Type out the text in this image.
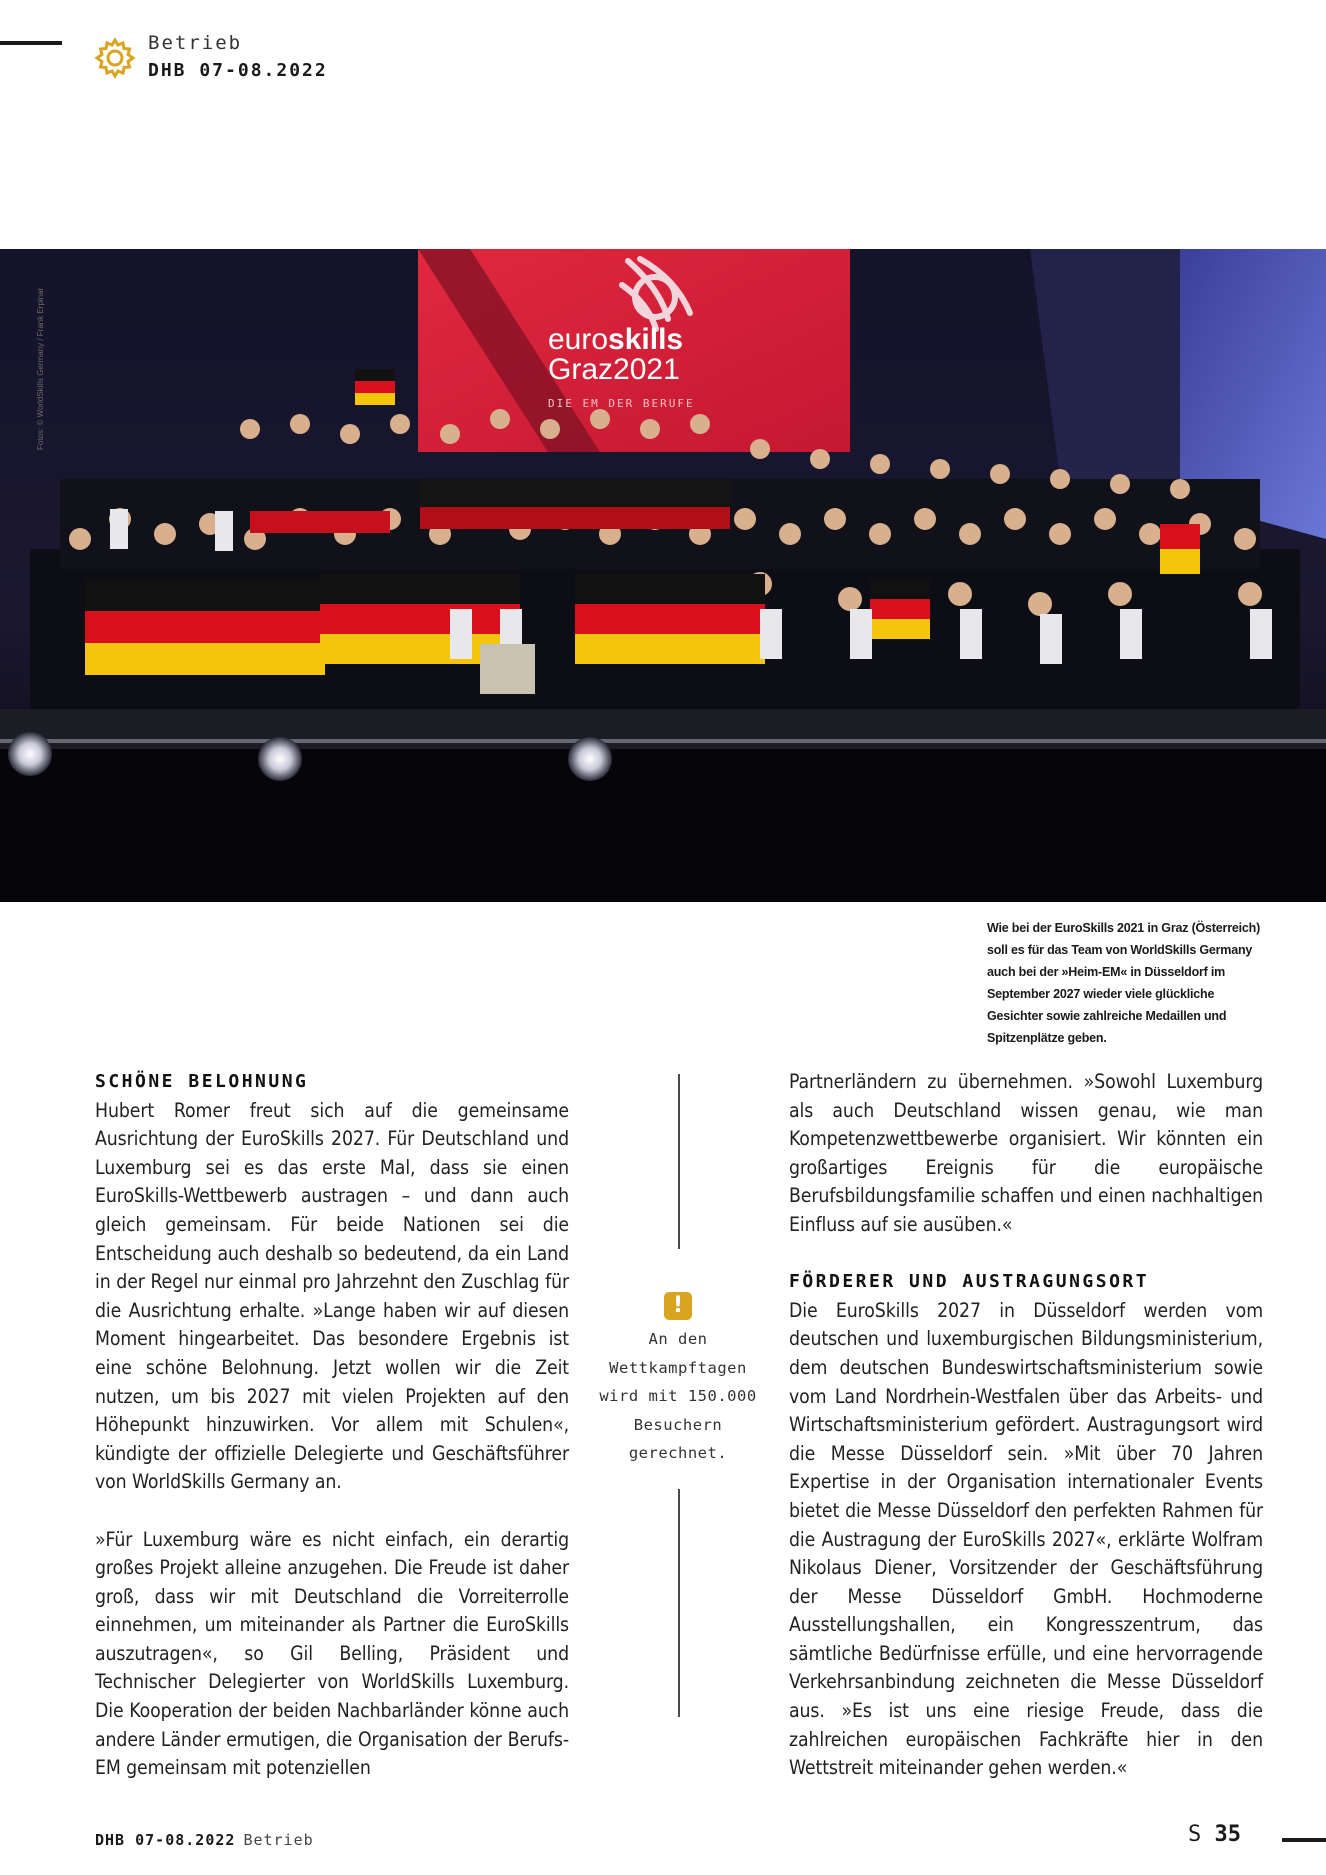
Betrieb
DHB 07-08.2022
euroskills
Graz2021
DIE EM DER BERUFE
Wie bei der EuroSkills 2021 in Graz (Österreich) soll es für das Team von WorldSkills Germany auch bei der »Heim-EM« in Düsseldorf im September 2027 wieder viele glückliche Gesichter sowie zahlreiche Medaillen und Spitzenplätze geben.
SCHÖNE BELOHNUNG

Hubert Romer freut sich auf die gemeinsame Ausrichtung der EuroSkills 2027. Für Deutschland und Luxemburg sei es das erste Mal, dass sie einen EuroSkills-Wettbewerb austragen – und dann auch gleich gemeinsam. Für beide Nationen sei die Entscheidung auch deshalb so bedeutend, da ein Land in der Regel nur einmal pro Jahrzehnt den Zuschlag für die Ausrichtung erhalte. »Lange haben wir auf diesen Moment hingearbeitet. Das besondere Ergebnis ist eine schöne Belohnung. Jetzt wollen wir die Zeit nutzen, um bis 2027 mit vielen Projekten auf den Höhepunkt hinzuwirken. Vor allem mit Schulen«, kündigte der offizielle Delegierte und Geschäftsführer von WorldSkills Germany an.

»Für Luxemburg wäre es nicht einfach, ein derartig großes Projekt alleine anzugehen. Die Freude ist daher groß, dass wir mit Deutschland die Vorreiterrolle einnehmen, um miteinander als Partner die EuroSkills auszutragen«, so Gil Belling, Präsident und Technischer Delegierter von WorldSkills Luxemburg. Die Kooperation der beiden Nachbarländer könne auch andere Länder ermutigen, die Organisation der Berufs-EM gemeinsam mit potenziellen

!
An den Wettkampftagen wird mit 150.000 Besuchern gerechnet.

Partnerländern zu übernehmen. »Sowohl Luxemburg als auch Deutschland wissen genau, wie man Kompetenzwettbewerbe organisiert. Wir könnten ein großartiges Ereignis für die europäische Berufsbildungsfamilie schaffen und einen nachhaltigen Einfluss auf sie ausüben.«

FÖRDERER UND AUSTRAGUNGSORT

Die EuroSkills 2027 in Düsseldorf werden vom deutschen und luxemburgischen Bildungsministerium, dem deutschen Bundeswirtschaftsministerium sowie vom Land Nordrhein-Westfalen über das Arbeits- und Wirtschaftsministerium gefördert. Austragungsort wird die Messe Düsseldorf sein. »Mit über 70 Jahren Expertise in der Organisation internationaler Events bietet die Messe Düsseldorf den perfekten Rahmen für die Austragung der EuroSkills 2027«, erklärte Wolfram Nikolaus Diener, Vorsitzender der Geschäftsführung der Messe Düsseldorf GmbH. Hochmoderne Ausstellungshallen, ein Kongresszentrum, das sämtliche Bedürfnisse erfülle, und eine hervorragende Verkehrsanbindung zeichneten die Messe Düsseldorf aus. »Es ist uns eine riesige Freude, dass die zahlreichen europäischen Fachkräfte hier in den Wettstreit miteinander gehen werden.«

DHB 07-08.2022 Betrieb	S 35
